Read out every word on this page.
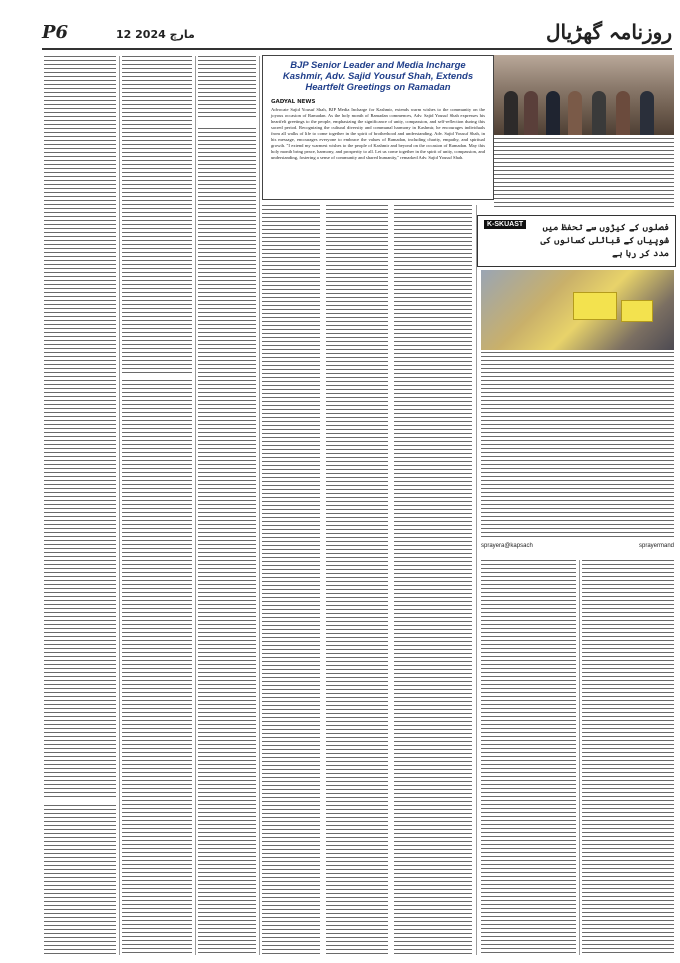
P6	12 مارچ 2024	روزنامہ گھڑیال
BJP Senior Leader and Media Incharge Kashmir, Adv. Sajid Yousuf Shah, Extends Heartfelt Greetings on Ramadan
GADYAL NEWS
Advocate Sajid Yousuf Shah, BJP Media Incharge for Kashmir, extends warm wishes to the community on the joyous occasion of Ramadan. As the holy month of Ramadan commences, Adv. Sajid Yousuf Shah expresses his heartfelt greetings to the people, emphasizing the significance of unity, compassion, and self-reflection during this sacred period. Recognizing the cultural diversity and communal harmony in Kashmir, he encourages individuals from all walks of life to come together in the spirit of brotherhood and understanding. Adv. Sajid Yousuf Shah, in his message, encourages everyone to embrace the values of Ramadan, including charity, empathy, and spiritual growth. "I extend my warmest wishes to the people of Kashmir and beyond on the occasion of Ramadan. May this holy month bring peace, harmony, and prosperity to all. Let us come together in the spirit of unity, compassion, and understanding, fostering a sense of community and shared humanity," remarked Adv. Sajid Yousuf Shah.
K-SKUAST	فصلوں کے کیڑوں سے تحفظ میں شوپیاں کے قبائلی کسانوں کی مدد کر رہا ہے
sprayera@kapsach	sprayermand
